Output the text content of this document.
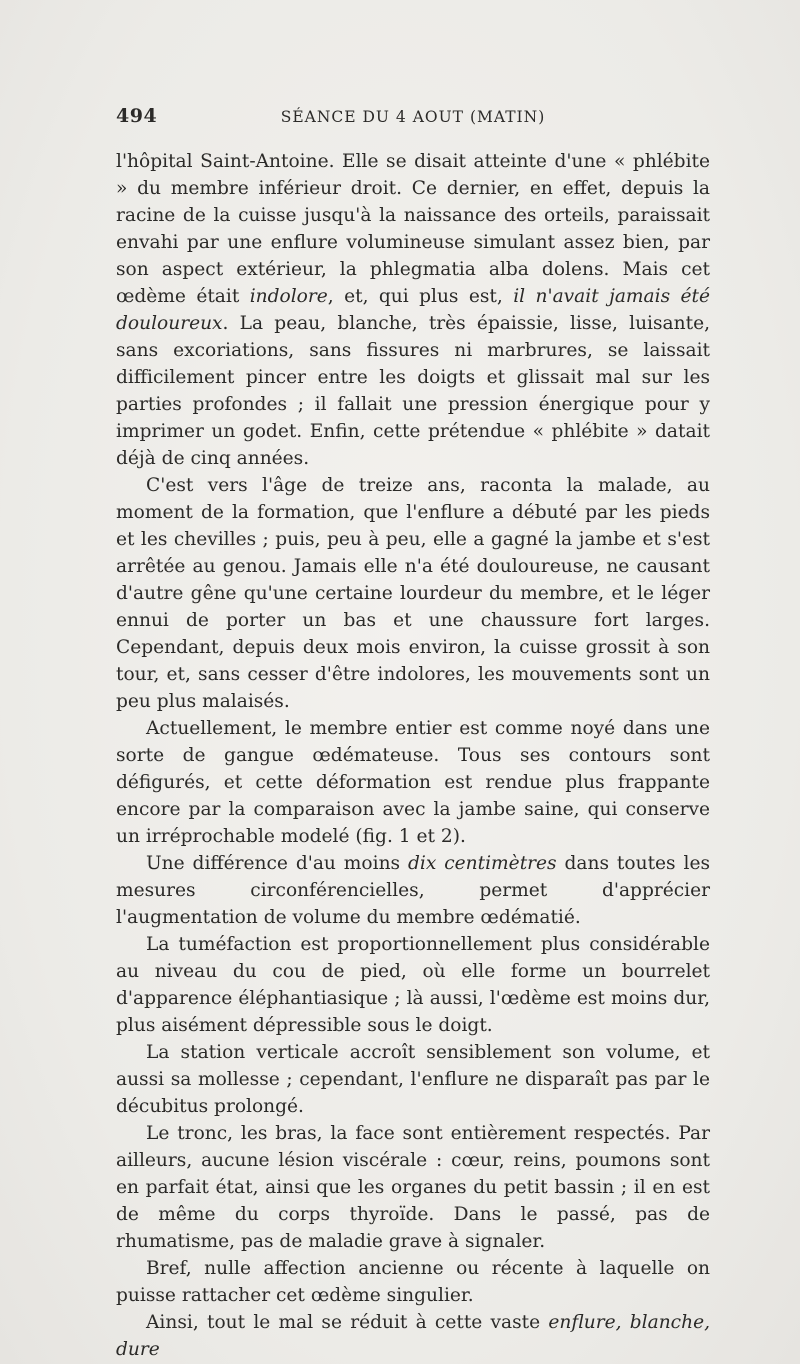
494	SÉANCE DU 4 AOUT (MATIN)

l'hôpital Saint-Antoine. Elle se disait atteinte d'une « phlébite » du membre inférieur droit. Ce dernier, en effet, depuis la racine de la cuisse jusqu'à la naissance des orteils, paraissait envahi par une enflure volumineuse simulant assez bien, par son aspect extérieur, la phlegmatia alba dolens. Mais cet œdème était indolore, et, qui plus est, il n'avait jamais été douloureux. La peau, blanche, très épaissie, lisse, luisante, sans excoriations, sans fissures ni marbrures, se laissait difficilement pincer entre les doigts et glissait mal sur les parties profondes ; il fallait une pression énergique pour y imprimer un godet. Enfin, cette prétendue « phlébite » datait déjà de cinq années.

C'est vers l'âge de treize ans, raconta la malade, au moment de la formation, que l'enflure a débuté par les pieds et les chevilles ; puis, peu à peu, elle a gagné la jambe et s'est arrêtée au genou. Jamais elle n'a été douloureuse, ne causant d'autre gêne qu'une certaine lourdeur du membre, et le léger ennui de porter un bas et une chaussure fort larges. Cependant, depuis deux mois environ, la cuisse grossit à son tour, et, sans cesser d'être indolores, les mouvements sont un peu plus malaisés.

Actuellement, le membre entier est comme noyé dans une sorte de gangue œdémateuse. Tous ses contours sont défigurés, et cette déformation est rendue plus frappante encore par la comparaison avec la jambe saine, qui conserve un irréprochable modelé (fig. 1 et 2).

Une différence d'au moins dix centimètres dans toutes les mesures circonférencielles, permet d'apprécier l'augmentation de volume du membre œdématié.

La tuméfaction est proportionnellement plus considérable au niveau du cou de pied, où elle forme un bourrelet d'apparence éléphantiasique ; là aussi, l'œdème est moins dur, plus aisément dépressible sous le doigt.

La station verticale accroît sensiblement son volume, et aussi sa mollesse ; cependant, l'enflure ne disparaît pas par le décubitus prolongé.

Le tronc, les bras, la face sont entièrement respectés. Par ailleurs, aucune lésion viscérale : cœur, reins, poumons sont en parfait état, ainsi que les organes du petit bassin ; il en est de même du corps thyroïde. Dans le passé, pas de rhumatisme, pas de maladie grave à signaler.

Bref, nulle affection ancienne ou récente à laquelle on puisse rattacher cet œdème singulier.

Ainsi, tout le mal se réduit à cette vaste enflure, blanche, dure
